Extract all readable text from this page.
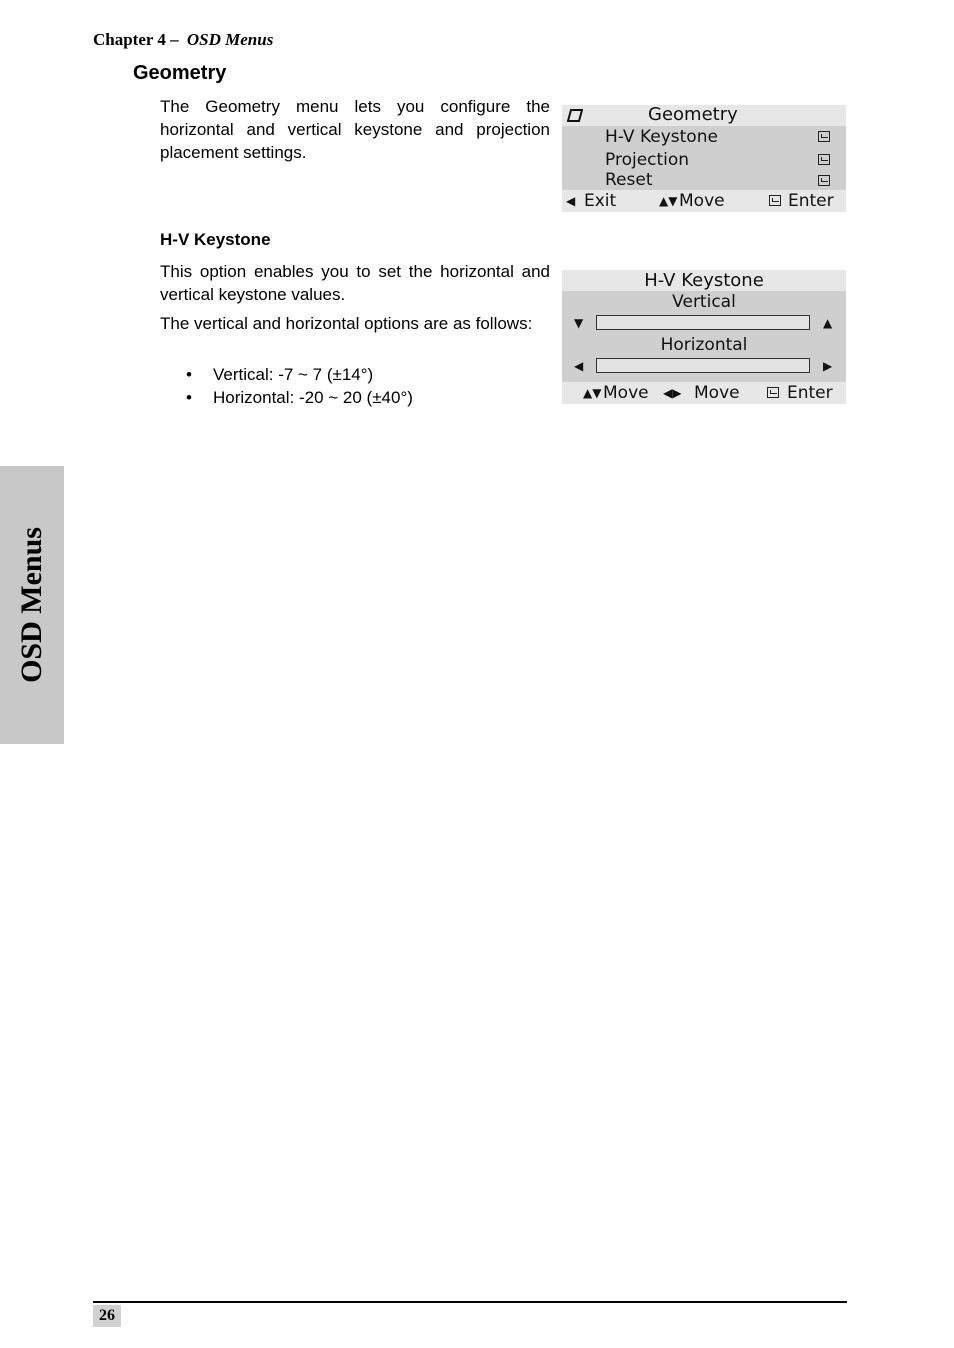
Chapter 4 – OSD Menus
Geometry

The Geometry menu lets you configure the horizontal and vertical keystone and projection placement settings.

Geometry
H-V Keystone
Projection
Reset
◀ Exit	▲▼ Move	Enter
H-V Keystone

This option enables you to set the horizontal and vertical keystone values.

The vertical and horizontal options are as follows:

• Vertical: -7 ~ 7 (±14°)
• Horizontal: -20 ~ 20 (±40°)
H-V Keystone
Vertical
▼	▲
Horizontal
◀	▶
▲▼ Move ◀▶ Move	Enter
OSD Menus
26
